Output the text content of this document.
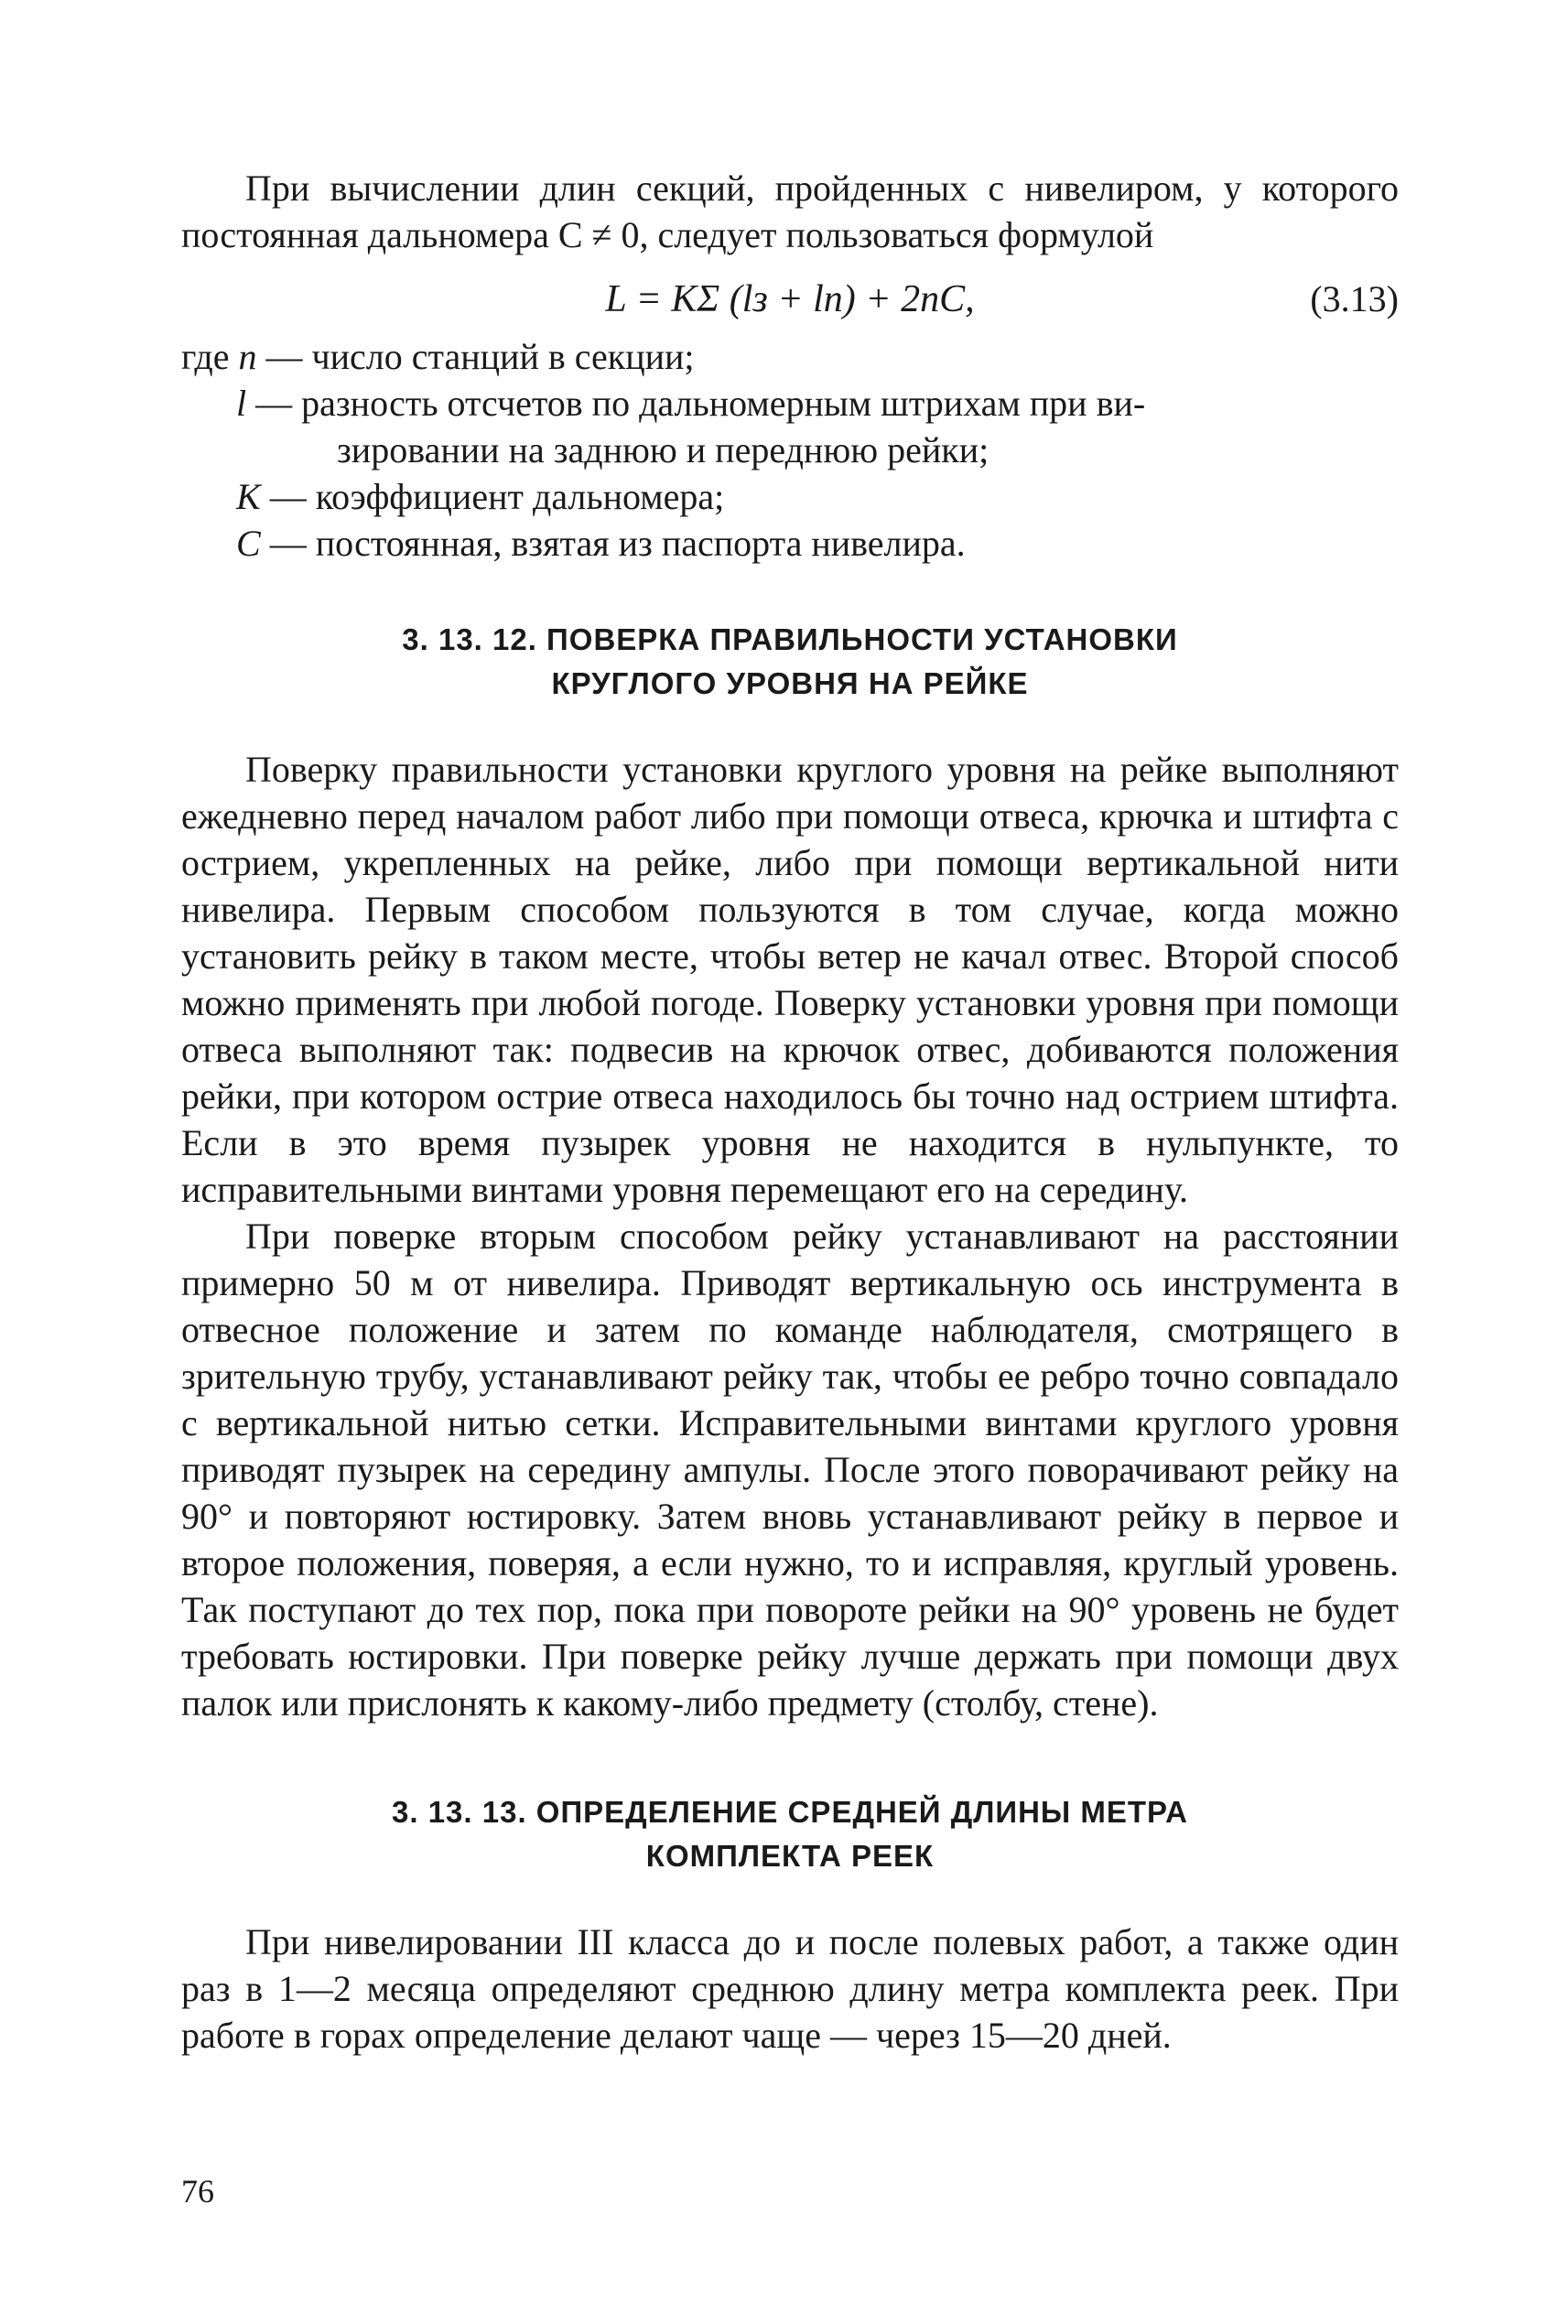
При вычислении длин секций, пройденных с нивелиром, у которого постоянная дальномера C ≠ 0, следует пользоваться формулой

L = KΣ (lз + lп) + 2nC,	(3.13)
где n — число станций в секции;
l — разность отсчетов по дальномерным штрихам при ви-
зировании на заднюю и переднюю рейки;
K — коэффициент дальномера;
C — постоянная, взятая из паспорта нивелира.
3. 13. 12. ПОВЕРКА ПРАВИЛЬНОСТИ УСТАНОВКИ
КРУГЛОГО УРОВНЯ НА РЕЙКЕ

Поверку правильности установки круглого уровня на рейке выполняют ежедневно перед началом работ либо при помощи отвеса, крючка и штифта с острием, укрепленных на рейке, либо при помощи вертикальной нити нивелира. Первым способом пользуются в том случае, когда можно установить рейку в таком месте, чтобы ветер не качал отвес. Второй способ можно применять при любой погоде. Поверку установки уровня при помощи отвеса выполняют так: подвесив на крючок отвес, добиваются положения рейки, при котором острие отвеса находилось бы точно над острием штифта. Если в это время пузырек уровня не находится в нульпункте, то исправительными винтами уровня перемещают его на середину.

При поверке вторым способом рейку устанавливают на расстоянии примерно 50 м от нивелира. Приводят вертикальную ось инструмента в отвесное положение и затем по команде наблюдателя, смотрящего в зрительную трубу, устанавливают рейку так, чтобы ее ребро точно совпадало с вертикальной нитью сетки. Исправительными винтами круглого уровня приводят пузырек на середину ампулы. После этого поворачивают рейку на 90° и повторяют юстировку. Затем вновь устанавливают рейку в первое и второе положения, поверяя, а если нужно, то и исправляя, круглый уровень. Так поступают до тех пор, пока при повороте рейки на 90° уровень не будет требовать юстировки. При поверке рейку лучше держать при помощи двух палок или прислонять к какому-либо предмету (столбу, стене).

3. 13. 13. ОПРЕДЕЛЕНИЕ СРЕДНЕЙ ДЛИНЫ МЕТРА
КОМПЛЕКТА РЕЕК

При нивелировании III класса до и после полевых работ, а также один раз в 1—2 месяца определяют среднюю длину метра комплекта реек. При работе в горах определение делают чаще — через 15—20 дней.

76
